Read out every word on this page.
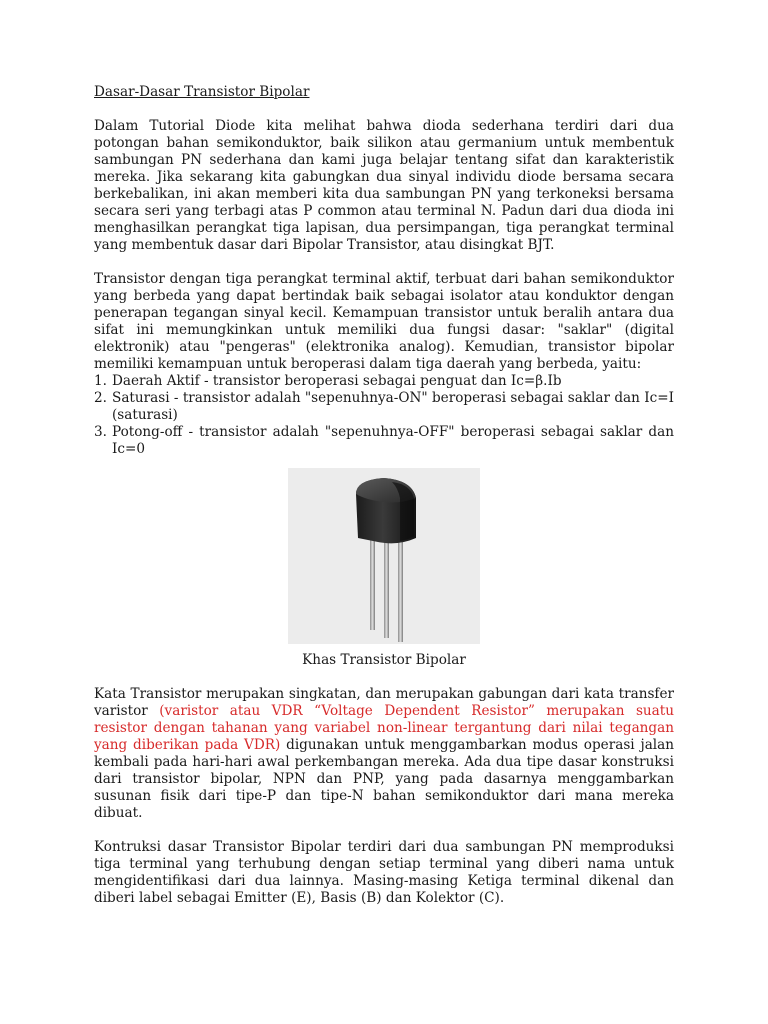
Dasar-Dasar Transistor Bipolar

Dalam Tutorial Diode kita melihat bahwa dioda sederhana terdiri dari dua potongan bahan semikonduktor, baik silikon atau germanium untuk membentuk sambungan PN sederhana dan kami juga belajar tentang sifat dan karakteristik mereka. Jika sekarang kita gabungkan dua sinyal individu diode bersama secara berkebalikan, ini akan memberi kita dua sambungan PN yang terkoneksi bersama secara seri yang terbagi atas P common atau terminal N. Padun dari dua dioda ini menghasilkan perangkat tiga lapisan, dua persimpangan, tiga perangkat terminal yang membentuk dasar dari Bipolar Transistor, atau disingkat BJT.

Transistor dengan tiga perangkat terminal aktif, terbuat dari bahan semikonduktor yang berbeda yang dapat bertindak baik sebagai isolator atau konduktor dengan penerapan tegangan sinyal kecil. Kemampuan transistor untuk beralih antara dua sifat ini memungkinkan untuk memiliki dua fungsi dasar: "saklar" (digital elektronik) atau "pengeras" (elektronika analog). Kemudian, transistor bipolar memiliki kemampuan untuk beroperasi dalam tiga daerah yang berbeda, yaitu:

1. Daerah Aktif - transistor beroperasi sebagai penguat dan Ic=β.Ib
2. Saturasi - transistor adalah "sepenuhnya-ON" beroperasi sebagai saklar dan Ic=I (saturasi)
3. Potong-off - transistor adalah "sepenuhnya-OFF" beroperasi sebagai saklar dan Ic=0
Khas Transistor Bipolar

Kata Transistor merupakan singkatan, dan merupakan gabungan dari kata transfer varistor (varistor atau VDR “Voltage Dependent Resistor” merupakan suatu resistor dengan tahanan yang variabel non-linear tergantung dari nilai tegangan yang diberikan pada VDR) digunakan untuk menggambarkan modus operasi jalan kembali pada hari-hari awal perkembangan mereka. Ada dua tipe dasar konstruksi dari transistor bipolar, NPN dan PNP, yang pada dasarnya menggambarkan susunan fisik dari tipe-P dan tipe-N bahan semikonduktor dari mana mereka dibuat.

Kontruksi dasar Transistor Bipolar terdiri dari dua sambungan PN memproduksi tiga terminal yang terhubung dengan setiap terminal yang diberi nama untuk mengidentifikasi dari dua lainnya. Masing-masing Ketiga terminal dikenal dan diberi label sebagai Emitter (E), Basis (B) dan Kolektor (C).
